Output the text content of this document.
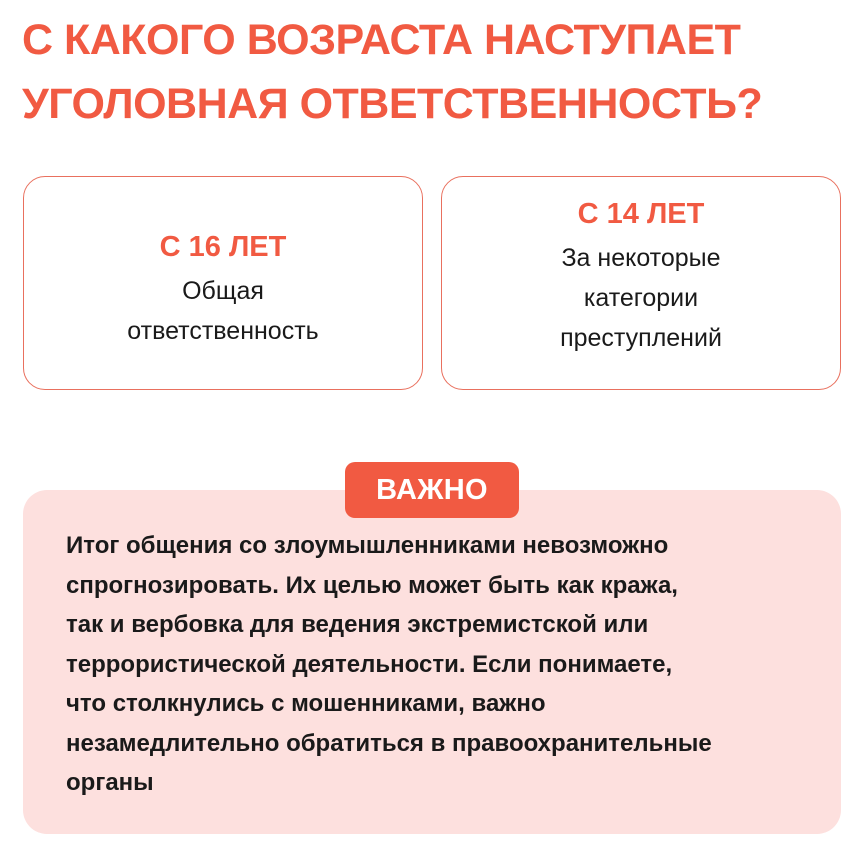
С КАКОГО ВОЗРАСТА НАСТУПАЕТ
УГОЛОВНАЯ ОТВЕТСТВЕННОСТЬ?
С 16 ЛЕТ
Общая
ответственность
С 14 ЛЕТ
За некоторые
категории
преступлений
ВАЖНО
Итог общения со злоумышленниками невозможно
спрогнозировать. Их целью может быть как кража,
так и вербовка для ведения экстремистской или
террористической деятельности. Если понимаете,
что столкнулись с мошенниками, важно
незамедлительно обратиться в правоохранительные
органы
